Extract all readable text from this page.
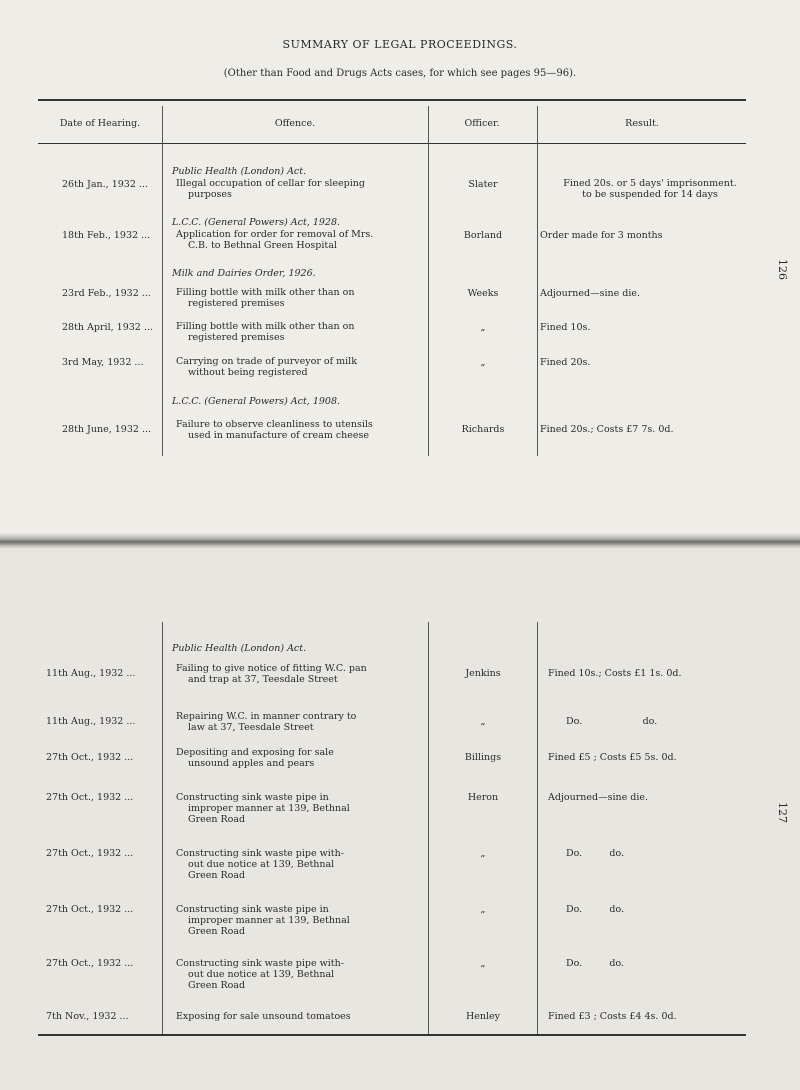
SUMMARY OF LEGAL PROCEEDINGS.
(Other than Food and Drugs Acts cases, for which see pages 95—96).
Date of Hearing.	Offence.	Officer.	Result.
Public Health (London) Act.
L.C.C. (General Powers) Act, 1928.
Milk and Dairies Order, 1926.
L.C.C. (General Powers) Act, 1908.
26th Jan., 1932 ...	Illegal occupation of cellar for sleeping
purposes
Slater	Fined 20s. or 5 days' imprisonment.
to be suspended for 14 days
18th Feb., 1932 ...	Application for order for removal of Mrs.
C.B. to Bethnal Green Hospital
Borland	Order made for 3 months
23rd Feb., 1932 ...	Filling bottle with milk other than on
registered premises
Weeks	Adjourned—sine die.
28th April, 1932 ...	Filling bottle with milk other than on
registered premises
„	Fined 10s.
3rd May, 1932 ...	Carrying on trade of purveyor of milk
without being registered
„	Fined 20s.
28th June, 1932 ...	Failure to observe cleanliness to utensils
used in manufacture of cream cheese
Richards	Fined 20s.; Costs £7 7s. 0d.
126
Public Health (London) Act.
11th Aug., 1932 ...	Failing to give notice of fitting W.C. pan
and trap at 37, Teesdale Street
Jenkins	Fined 10s.; Costs £1 1s. 0d.
11th Aug., 1932 ...	Repairing W.C. in manner contrary to
law at 37, Teesdale Street
„	Do.                    do.
27th Oct., 1932 ...	Depositing and exposing for sale
unsound apples and pears
Billings	Fined £5 ; Costs £5 5s. 0d.
27th Oct., 1932 ...	Constructing sink waste pipe in
improper manner at 139, Bethnal
Green Road
Heron	Adjourned—sine die.
27th Oct., 1932 ...	Constructing sink waste pipe with-
out due notice at 139, Bethnal
Green Road
„	Do.         do.
27th Oct., 1932 ...	Constructing sink waste pipe in
improper manner at 139, Bethnal
Green Road
„	Do.         do.
27th Oct., 1932 ...	Constructing sink waste pipe with-
out due notice at 139, Bethnal
Green Road
„	Do.         do.
7th Nov., 1932 ...	Exposing for sale unsound tomatoes	Henley	Fined £3 ; Costs £4 4s. 0d.
127
